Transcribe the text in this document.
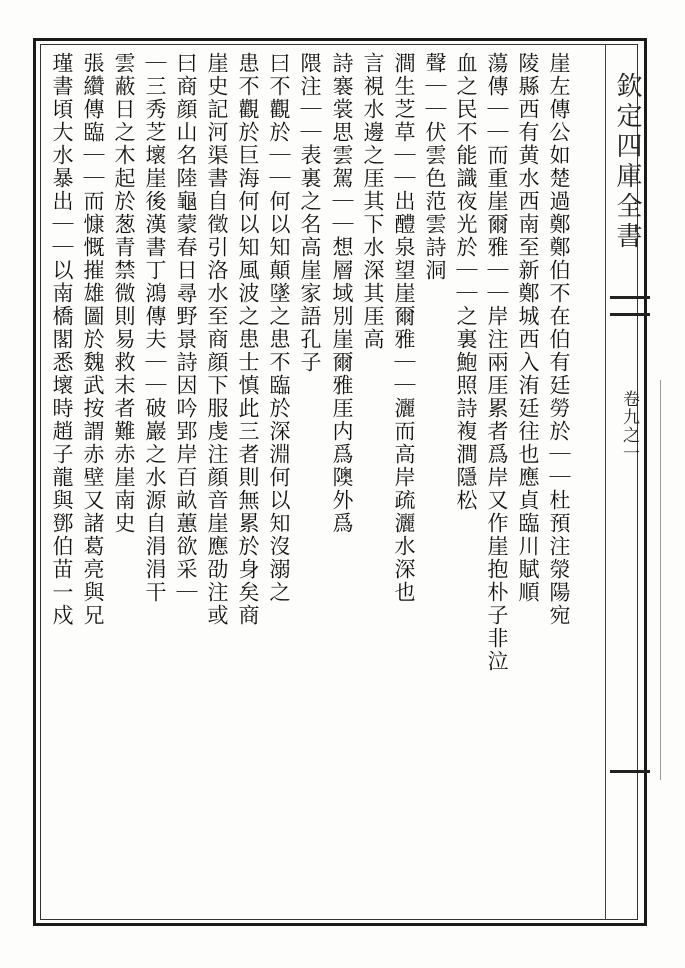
欽定四庫全書
卷九之一
崖左傳公如楚過鄭鄭伯不在伯有廷勞於｜｜杜預注滎陽宛
陵縣西有黄水西南至新鄭城西入洧廷往也應貞臨川賦順
蕩傳｜｜而重崖爾雅｜｜岸注兩厓累者爲岸又作崖抱朴子非泣
血之民不能識夜光於｜｜之裏鮑照詩複澗隱松
聲｜｜伏雲色范雲詩洞
澗生芝草｜｜出醴泉望崖爾雅｜｜灑而高岸疏灑水深也
言視水邊之厓其下水深其厓高
詩褰裳思雲駕｜｜想層域別崖爾雅厓内爲隩外爲
隈注｜｜表裏之名高崖家語孔子
曰不觀於｜｜何以知顛墜之患不臨於深淵何以知沒溺之
患不觀於巨海何以知風波之患士慎此三者則無累於身矣商
崖史記河渠書自徵引洛水至商顔下服虔注顔音崖應劭注或
曰商顔山名陸龜蒙春日尋野景詩因吟郢岸百畝蕙欲采｜
｜三秀芝壞崖後漢書丁鴻傳夫｜｜破巖之水源自涓涓干
雲蔽日之木起於葱青禁微則易救末者難赤崖南史
張纘傳臨｜｜而慷慨摧雄圖於魏武按謂赤壁又諸葛亮與兄
瑾書頃大水暴出｜｜以南橋閣悉壞時趙子龍與鄧伯苗一戍
